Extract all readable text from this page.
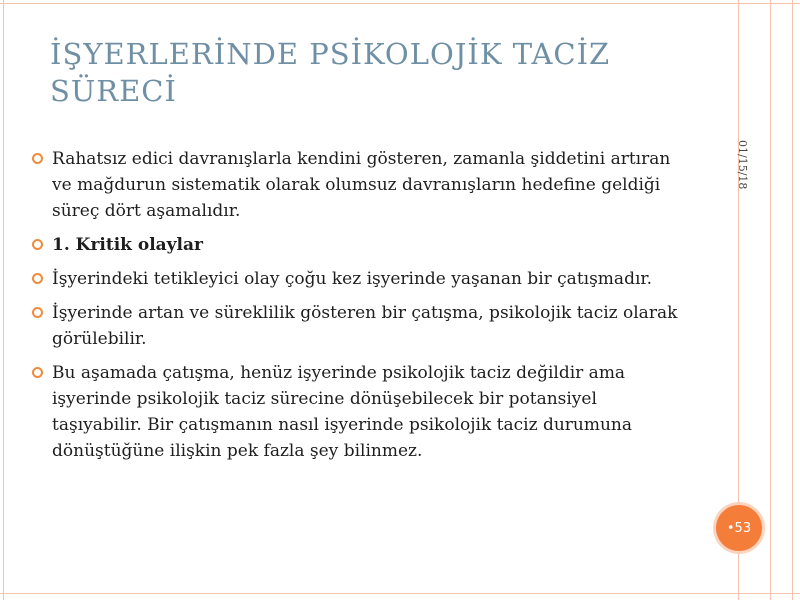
İŞYERLERİNDE PSİKOLOJİK TACİZ
SÜRECİ
01/15/18
Rahatsız edici davranışlarla kendini gösteren, zamanla şiddetini artıran ve mağdurun sistematik olarak olumsuz davranışların hedefine geldiği süreç dört aşamalıdır.
1. Kritik olaylar
İşyerindeki tetikleyici olay çoğu kez işyerinde yaşanan bir çatışmadır.
İşyerinde artan ve süreklilik gösteren bir çatışma, psikolojik taciz olarak görülebilir.
Bu aşamada çatışma, henüz işyerinde psikolojik taciz değildir ama işyerinde psikolojik taciz sürecine dönüşebilecek bir potansiyel taşıyabilir. Bir çatışmanın nasıl işyerinde psikolojik taciz durumuna dönüştüğüne ilişkin pek fazla şey bilinmez.
•53
